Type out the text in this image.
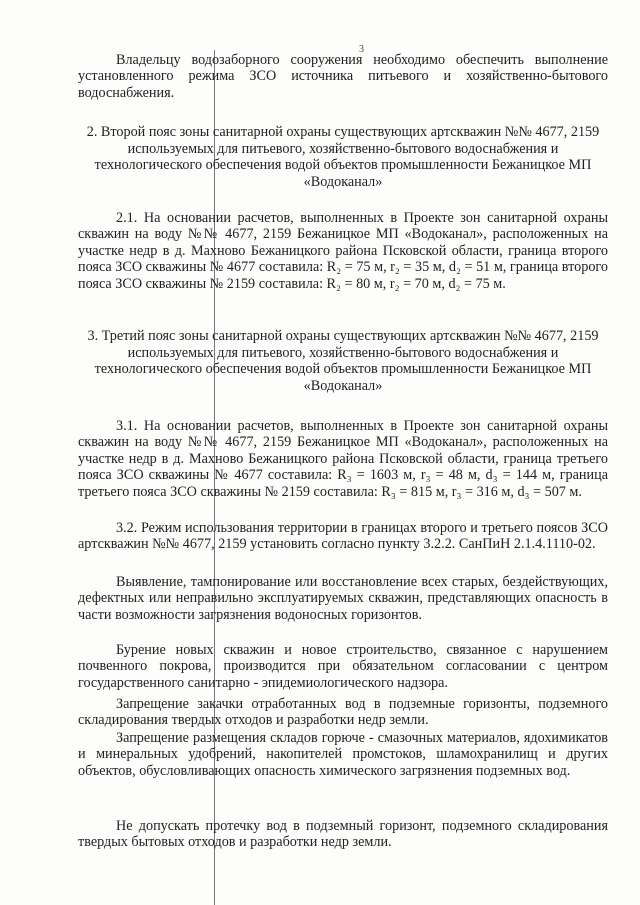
3

Владельцу водозаборного сооружения необходимо обеспечить выполнение установленного режима ЗСО источника питьевого и хозяйственно-бытового водоснабжения.

2. Второй пояс зоны санитарной охраны существующих артскважин №№ 4677, 2159 используемых для питьевого, хозяйственно-бытового водоснабжения и технологического обеспечения водой объектов промышленности Бежаницкое МП «Водоканал»

2.1. На основании расчетов, выполненных в Проекте зон санитарной охраны скважин на воду №№ 4677, 2159 Бежаницкое МП «Водоканал», расположенных на участке недр в д. Махново Бежаницкого района Псковской области, граница второго пояса ЗСО скважины № 4677 составила: R₂ = 75 м, r₂ = 35 м, d₂ = 51 м, граница второго пояса ЗСО скважины № 2159 составила: R₂ = 80 м, r₂ = 70 м, d₂ = 75 м.

3. Третий пояс зоны санитарной охраны существующих артскважин №№ 4677, 2159 используемых для питьевого, хозяйственно-бытового водоснабжения и технологического обеспечения водой объектов промышленности Бежаницкое МП «Водоканал»

3.1. На основании расчетов, выполненных в Проекте зон санитарной охраны скважин на воду №№ 4677, 2159 Бежаницкое МП «Водоканал», расположенных на участке недр в д. Махново Бежаницкого района Псковской области, граница третьего пояса ЗСО скважины № 4677 составила: R₃ = 1603 м, r₃ = 48 м, d₃ = 144 м, граница третьего пояса ЗСО скважины № 2159 составила: R₃ = 815 м, r₃ = 316 м, d₃ = 507 м.

3.2. Режим использования территории в границах второго и третьего поясов ЗСО артскважин №№ 4677, 2159 установить согласно пункту 3.2.2. СанПиН 2.1.4.1110-02.

Выявление, тампонирование или восстановление всех старых, бездействующих, дефектных или неправильно эксплуатируемых скважин, представляющих опасность в части возможности загрязнения водоносных горизонтов.

Бурение новых скважин и новое строительство, связанное с нарушением почвенного покрова, производится при обязательном согласовании с центром государственного санитарно - эпидемиологического надзора.

Запрещение закачки отработанных вод в подземные горизонты, подземного складирования твердых отходов и разработки недр земли.

Запрещение размещения складов горюче - смазочных материалов, ядохимикатов и минеральных удобрений, накопителей промстоков, шламохранилищ и других объектов, обусловливающих опасность химического загрязнения подземных вод.

Не допускать протечку вод в подземный горизонт, подземного складирования твердых бытовых отходов и разработки недр земли.
